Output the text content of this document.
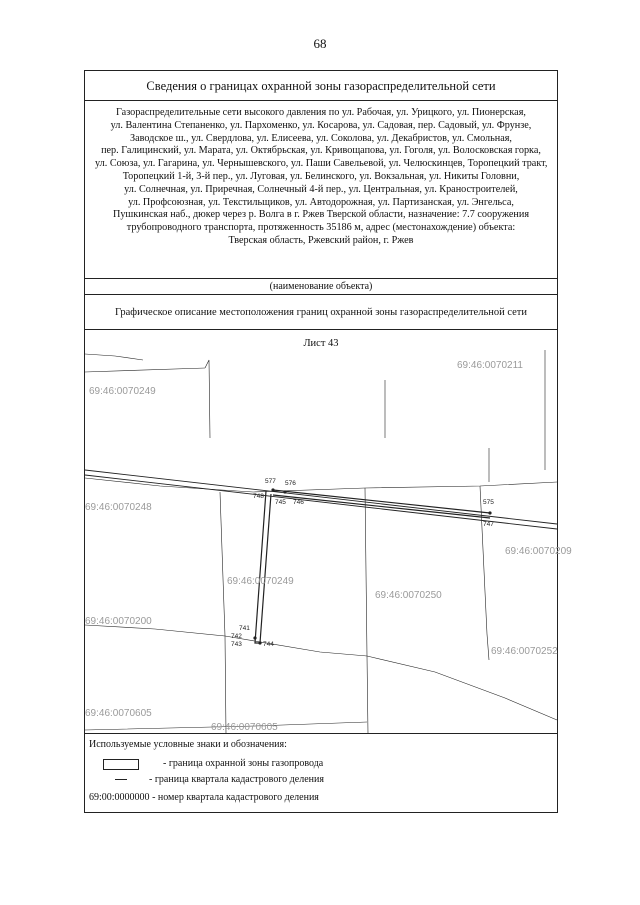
68
Сведения о границах охранной зоны газораспределительной сети
Газораспределительные сети высокого давления по ул. Рабочая, ул. Урицкого, ул. Пионерская,
ул. Валентина Степаненко, ул. Пархоменко, ул. Косарова, ул. Садовая, пер. Садовый, ул. Фрунзе,
Заводское ш., ул. Свердлова, ул. Елисеева, ул. Соколова, ул. Декабристов, ул. Смольная,
пер. Галицинский, ул. Марата, ул. Октябрьская, ул. Кривощапова, ул. Гоголя, ул. Волосковская горка,
ул. Союза, ул. Гагарина, ул. Чернышевского, ул. Паши Савельевой, ул. Челюскинцев, Торопецкий тракт,
Торопецкий 1-й, 3-й пер., ул. Луговая, ул. Белинского, ул. Вокзальная, ул. Никиты Головни,
ул. Солнечная, ул. Приречная, Солнечный 4-й пер., ул. Центральная, ул. Краностроителей,
ул. Профсоюзная, ул. Текстильщиков, ул. Автодорожная, ул. Партизанская, ул. Энгельса,
Пушкинская наб., дюкер через р. Волга в г. Ржев Тверской области, назначение: 7.7 сооружения
трубопроводного транспорта, протяженность 35186 м, адрес (местонахождение) объекта:
Тверская область, Ржевский район, г. Ржев
(наименование объекта)
Графическое описание местоположения границ охранной зоны газораспределительной сети
69:46:0070211
69:46:0070249
69:46:0070248
69:46:0070209
69:46:0070249
69:46:0070250
69:46:0070200
69:46:0070252
69:46:0070605
69:46:0070605
577 576
748
745 746	575
747
741
742
743	744
Лист 43
Используемые условные знаки и обозначения:
- граница охранной зоны газопровода
- граница квартала кадастрового деления
69:00:0000000 - номер квартала кадастрового деления
